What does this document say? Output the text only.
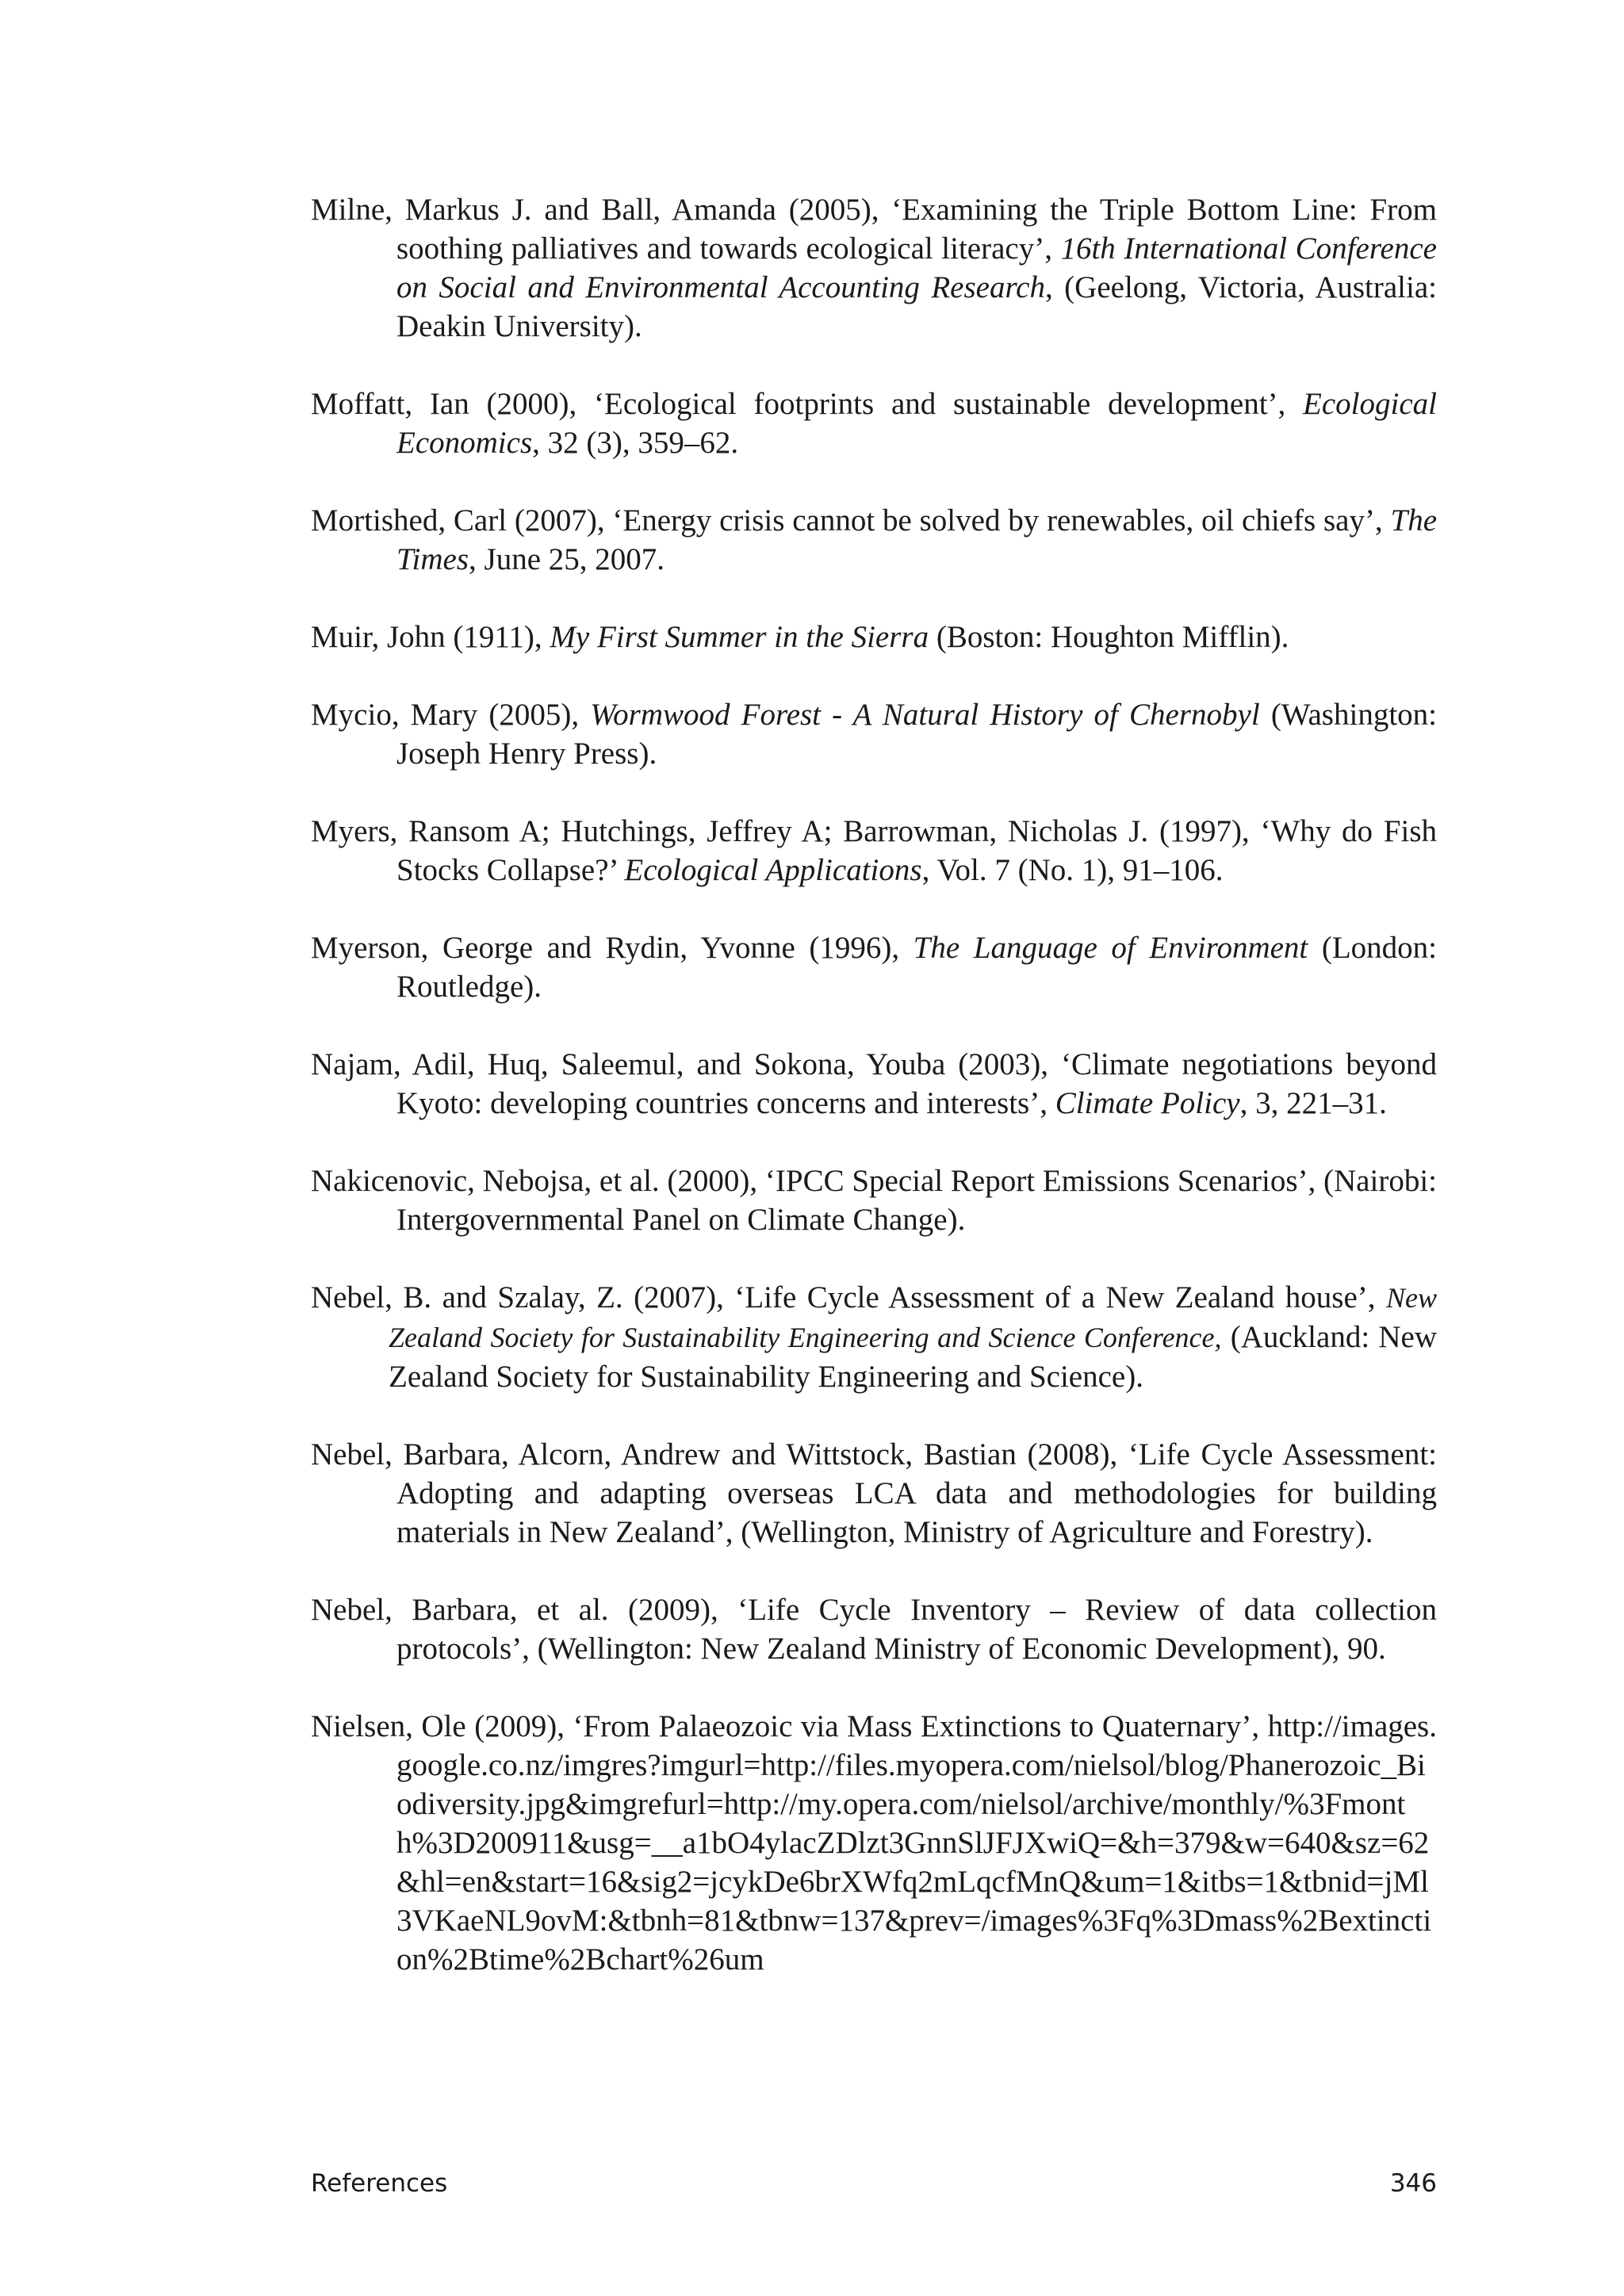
Milne, Markus J. and Ball, Amanda (2005), ‘Examining the Triple Bottom Line: From soothing palliatives and towards ecological literacy’, 16th International Conference on Social and Environmental Accounting Research, (Geelong, Victoria, Australia: Deakin University).

Moffatt, Ian (2000), ‘Ecological footprints and sustainable development’, Ecological Economics, 32 (3), 359–62.

Mortished, Carl (2007), ‘Energy crisis cannot be solved by renewables, oil chiefs say’, The Times, June 25, 2007.

Muir, John (1911), My First Summer in the Sierra (Boston: Houghton Mifflin).

Mycio, Mary (2005), Wormwood Forest - A Natural History of Chernobyl (Washington: Joseph Henry Press).

Myers, Ransom A; Hutchings, Jeffrey A; Barrowman, Nicholas J. (1997), ‘Why do Fish Stocks Collapse?’ Ecological Applications, Vol. 7 (No. 1), 91–106.

Myerson, George and Rydin, Yvonne (1996), The Language of Environment (London: Routledge).

Najam, Adil, Huq, Saleemul, and Sokona, Youba (2003), ‘Climate negotiations beyond Kyoto: developing countries concerns and interests’, Climate Policy, 3, 221–31.

Nakicenovic, Nebojsa, et al. (2000), ‘IPCC Special Report Emissions Scenarios’, (Nairobi: Intergovernmental Panel on Climate Change).

Nebel, B. and Szalay, Z. (2007), ‘Life Cycle Assessment of a New Zealand house’, New Zealand Society for Sustainability Engineering and Science Conference, (Auckland: New Zealand Society for Sustainability Engineering and Science).

Nebel, Barbara, Alcorn, Andrew and Wittstock, Bastian (2008), ‘Life Cycle Assessment: Adopting and adapting overseas LCA data and methodologies for building materials in New Zealand’, (Wellington, Ministry of Agriculture and Forestry).

Nebel, Barbara, et al. (2009), ‘Life Cycle Inventory – Review of data collection protocols’, (Wellington: New Zealand Ministry of Economic Development), 90.

Nielsen, Ole (2009), ‘From Palaeozoic via Mass Extinctions to Quaternary’, http://images.google.co.nz/imgres?imgurl=http://files.myopera.com/nielsol/blog/Phanerozoic_Biodiversity.jpg&imgrefurl=http://my.opera.com/nielsol/archive/monthly/%3Fmonth%3D200911&usg=__a1bO4ylacZDlzt3GnnSlJFJXwiQ=&h=379&w=640&sz=62&hl=en&start=16&sig2=jcykDe6brXWfq2mLqcfMnQ&um=1&itbs=1&tbnid=jMl3VKaeNL9ovM:&tbnh=81&tbnw=137&prev=/images%3Fq%3Dmass%2Bextinction%2Btime%2Bchart%26um

References	346
